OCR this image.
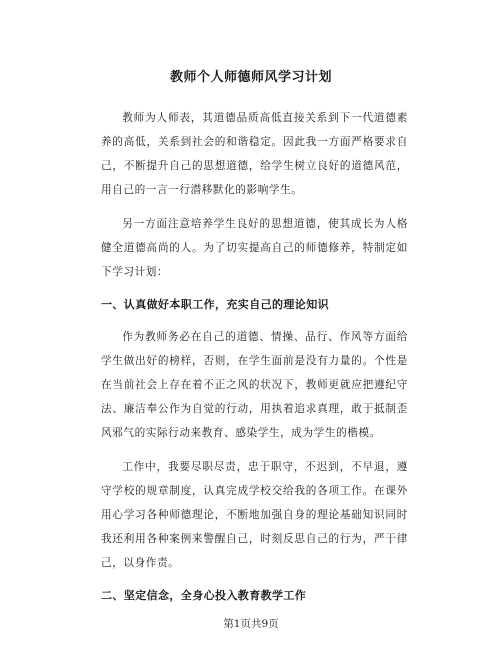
教师个人师德师风学习计划

教师为人师表，其道德品质高低直接关系到下一代道德素养的高低，关系到社会的和谐稳定。因此我一方面严格要求自己，不断提升自己的思想道德，给学生树立良好的道德风范，用自己的一言一行潜移默化的影响学生。

另一方面注意培养学生良好的思想道德，使其成长为人格健全道德高尚的人。为了切实提高自己的师德修养，特制定如下学习计划：

一、认真做好本职工作，充实自己的理论知识

作为教师务必在自己的道德、情操、品行、作风等方面给学生做出好的榜样，否则，在学生面前是没有力量的。个性是在当前社会上存在着不正之风的状况下，教师更就应把遵纪守法、廉洁奉公作为自觉的行动，用执着追求真理，敢于抵制歪风邪气的实际行动来教育、感染学生，成为学生的楷模。

工作中，我要尽职尽责，忠于职守，不迟到，不早退，遵守学校的规章制度，认真完成学校交给我的各项工作。在课外用心学习各种师德理论，不断地加强自身的理论基础知识同时我还利用各种案例来警醒自己，时刻反思自己的行为，严于律己，以身作责。

二、坚定信念，全身心投入教育教学工作
第1页共9页
